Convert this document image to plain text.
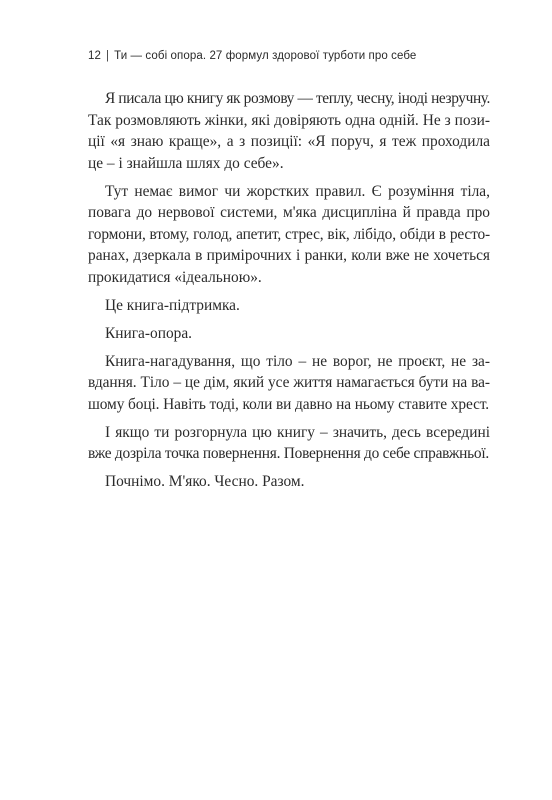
12 | Ти — собі опора. 27 формул здорової турботи про себе
Я писала цю книгу як розмову — теплу, чесну, іноді незручну.
Так розмовляють жінки, які довіряють одна одній. Не з пози-
ції «я знаю краще», а з позиції: «Я поруч, я теж проходила
це – і знайшла шлях до себе».
Тут немає вимог чи жорстких правил. Є розуміння тіла,
повага до нервової системи, м'яка дисципліна й правда про
гормони, втому, голод, апетит, стрес, вік, лібідо, обіди в ресто-
ранах, дзеркала в примірочних і ранки, коли вже не хочеться
прокидатися «ідеальною».
Це книга-підтримка.
Книга-опора.
Книга-нагадування, що тіло – не ворог, не проєкт, не за-
вдання. Тіло – це дім, який усе життя намагається бути на ва-
шому боці. Навіть тоді, коли ви давно на ньому ставите хрест.
І якщо ти розгорнула цю книгу – значить, десь всередині
вже дозріла точка повернення. Повернення до себе справжньої.
Почнімо. М'яко. Чесно. Разом.
